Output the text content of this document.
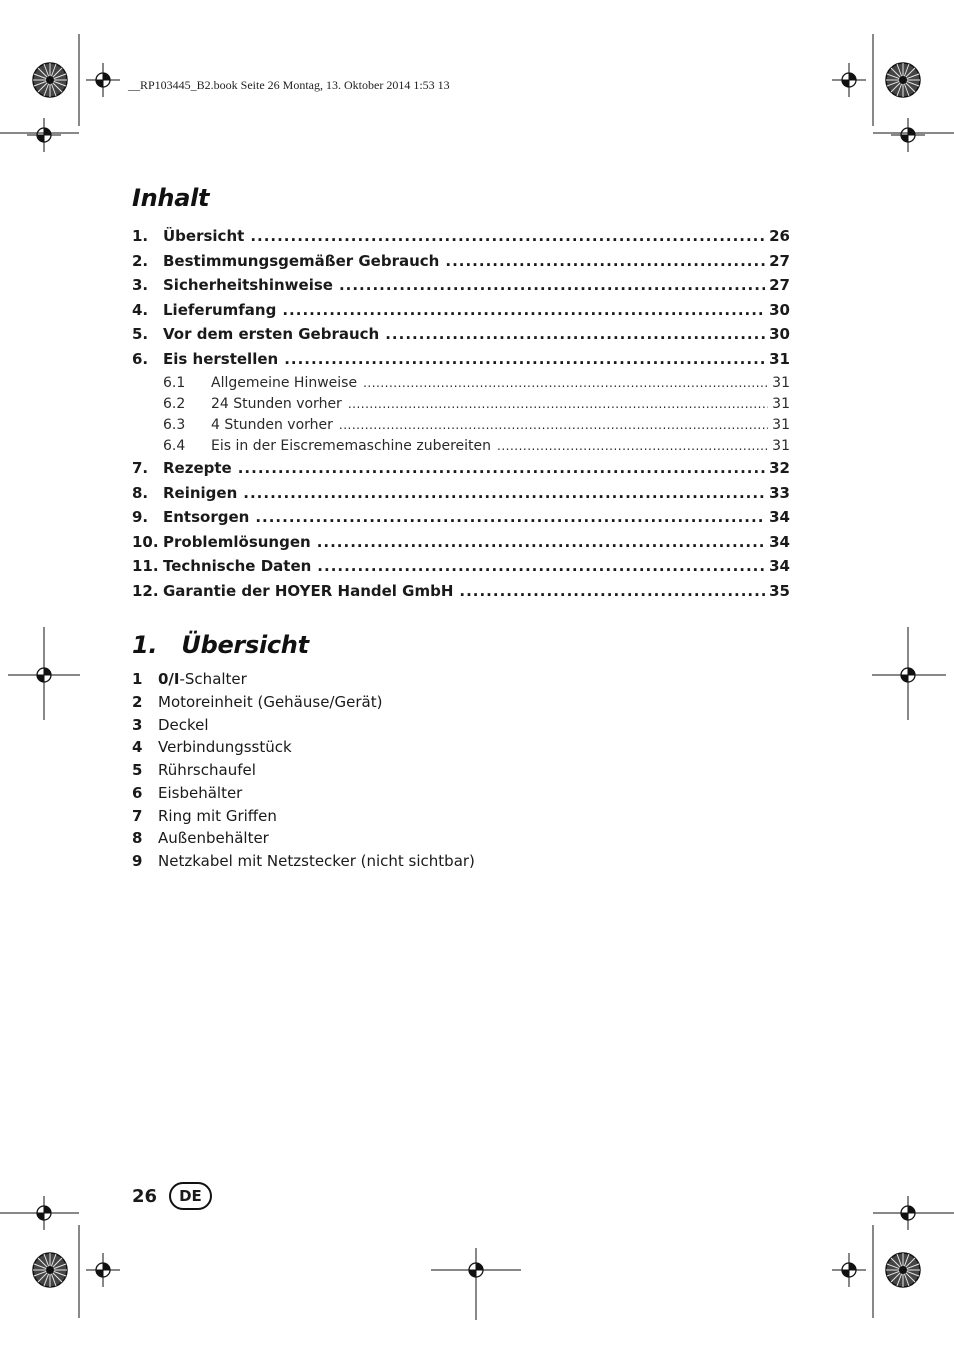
__RP103445_B2.book Seite 26 Montag, 13. Oktober 2014 1:53 13
Inhalt
1. Übersicht .....	26
2. Bestimmungsgemäßer Gebrauch .....	27
3. Sicherheitshinweise .....	27
4. Lieferumfang .....	30
5. Vor dem ersten Gebrauch .....	30
6. Eis herstellen .....	31
6.1	Allgemeine Hinweise .....	31
6.2	24 Stunden vorher .....	31
6.3	4 Stunden vorher .....	31
6.4	Eis in der Eiscrememaschine zubereiten .....	31
7. Rezepte .....	32
8. Reinigen .....	33
9. Entsorgen .....	34
10. Problemlösungen .....	34
11. Technische Daten .....	34
12. Garantie der HOYER Handel GmbH .....	35
1.   Übersicht
1 0/I-Schalter
2 Motoreinheit (Gehäuse/Gerät)
3 Deckel
4 Verbindungsstück
5 Rührschaufel
6 Eisbehälter
7 Ring mit Griffen
8 Außenbehälter
9 Netzkabel mit Netzstecker (nicht sichtbar)
26	DE
